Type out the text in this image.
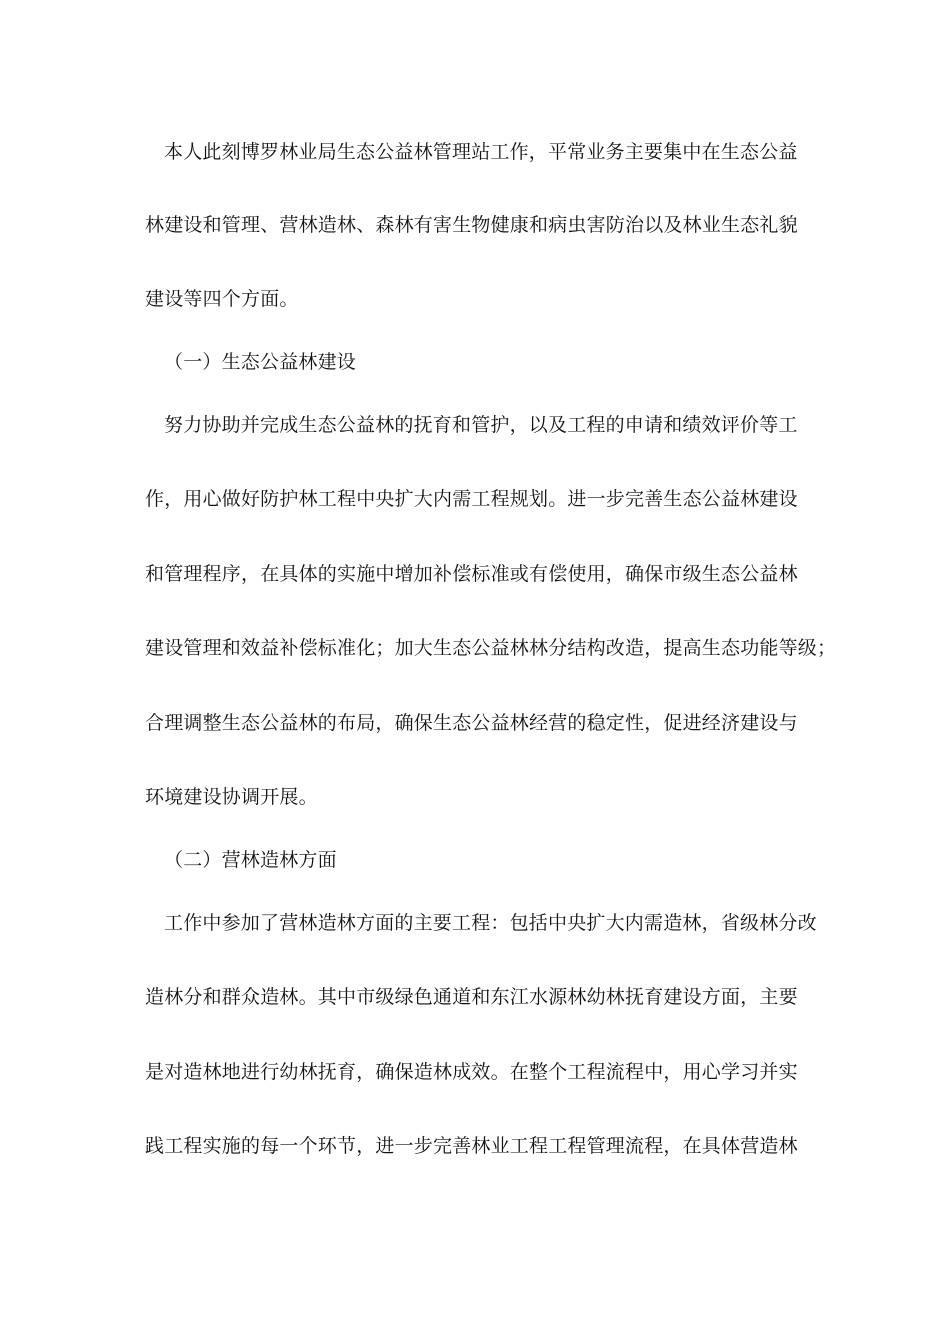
本人此刻博罗林业局生态公益林管理站工作，平常业务主要集中在生态公益
林建设和管理、营林造林、森林有害生物健康和病虫害防治以及林业生态礼貌
建设等四个方面。
（一）生态公益林建设
努力协助并完成生态公益林的抚育和管护，以及工程的申请和绩效评价等工
作，用心做好防护林工程中央扩大内需工程规划。进一步完善生态公益林建设
和管理程序，在具体的实施中增加补偿标准或有偿使用，确保市级生态公益林
建设管理和效益补偿标准化；加大生态公益林林分结构改造，提高生态功能等级；
合理调整生态公益林的布局，确保生态公益林经营的稳定性，促进经济建设与
环境建设协调开展。
（二）营林造林方面
工作中参加了营林造林方面的主要工程：包括中央扩大内需造林，省级林分改
造林分和群众造林。其中市级绿色通道和东江水源林幼林抚育建设方面，主要
是对造林地进行幼林抚育，确保造林成效。在整个工程流程中，用心学习并实
践工程实施的每一个环节，进一步完善林业工程工程管理流程，在具体营造林
